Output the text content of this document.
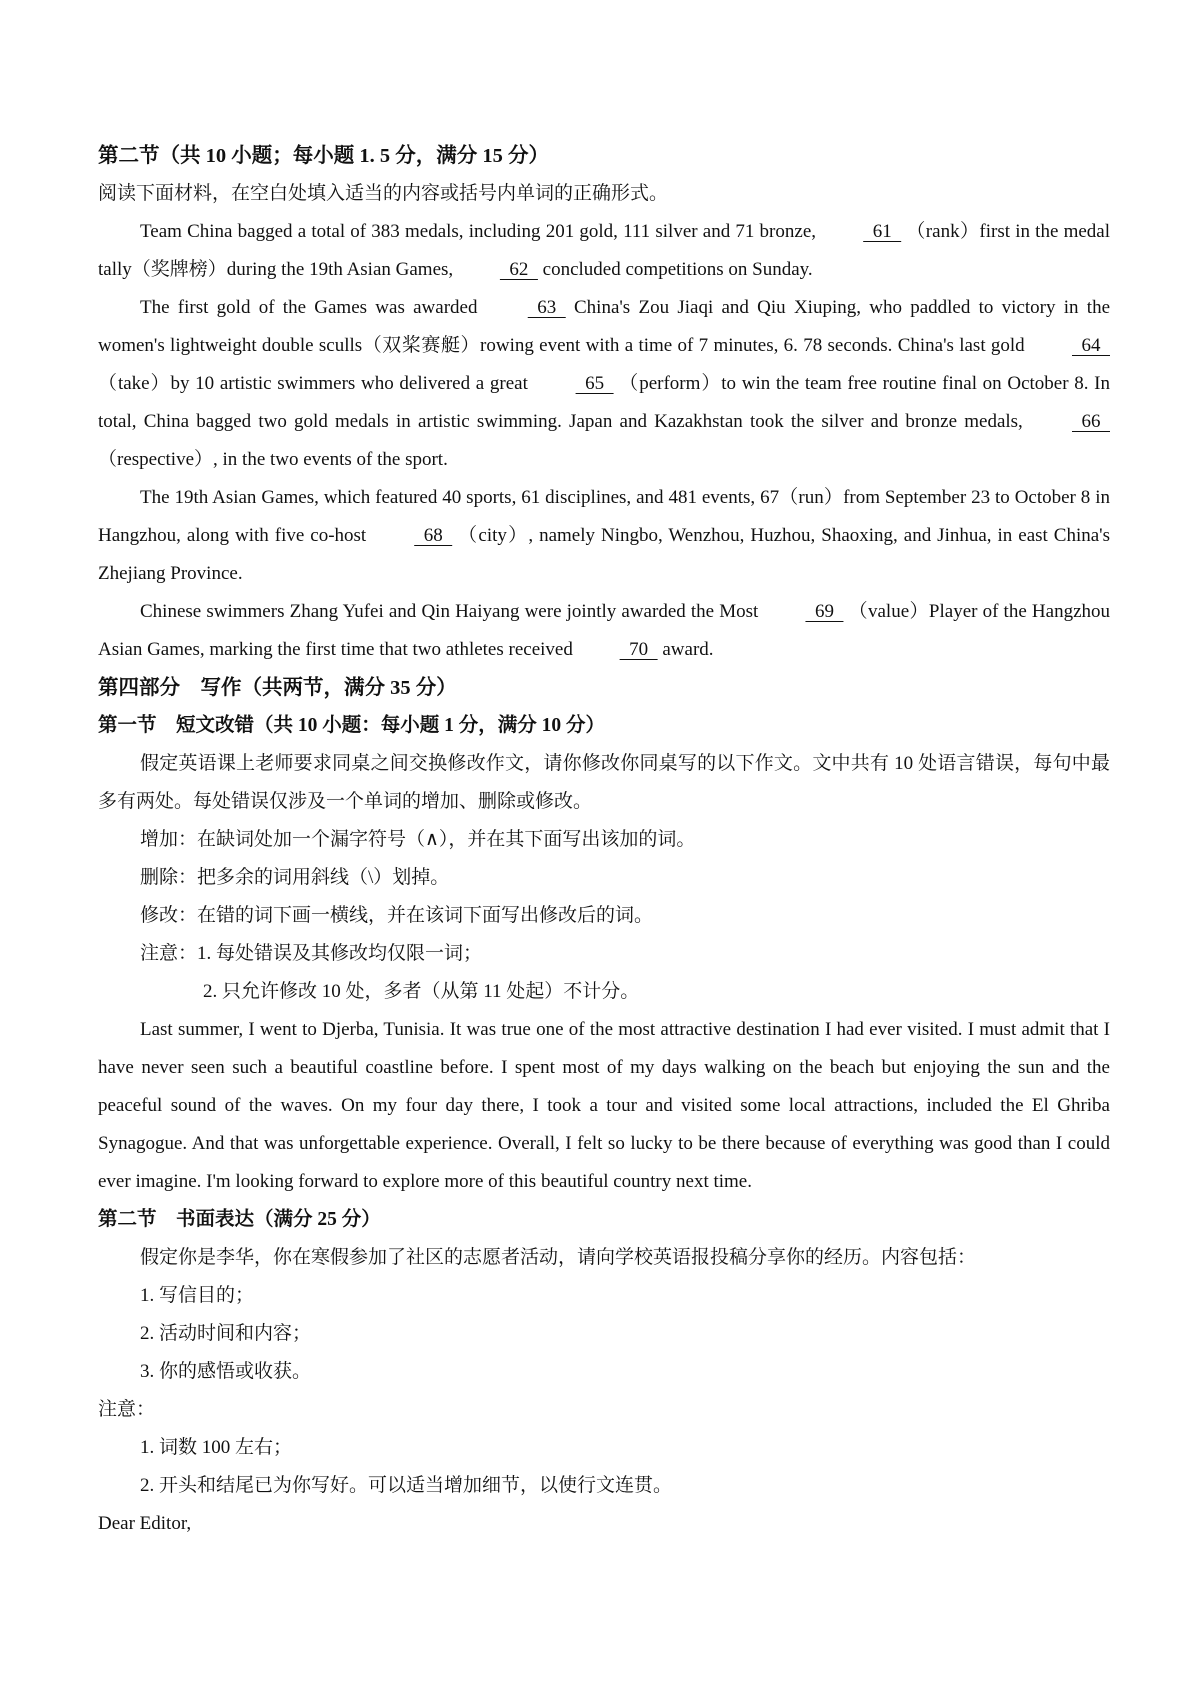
第二节（共 10 小题；每小题 1. 5 分，满分 15 分）

阅读下面材料，在空白处填入适当的内容或括号内单词的正确形式。

Team China bagged a total of 383 medals, including 201 gold, 111 silver and 71 bronze,   61   （rank）first in the medal tally（奖牌榜）during the 19th Asian Games,   62   concluded competitions on Sunday.

The first gold of the Games was awarded   63   China's Zou Jiaqi and Qiu Xiuping, who paddled to victory in the women's lightweight double sculls（双桨赛艇）rowing event with a time of 7 minutes, 6. 78 seconds. China's last gold   64   （take）by 10 artistic swimmers who delivered a great   65   （perform）to win the team free routine final on October 8. In total, China bagged two gold medals in artistic swimming. Japan and Kazakhstan took the silver and bronze medals,   66   （respective）, in the two events of the sport.

The 19th Asian Games, which featured 40 sports, 61 disciplines, and 481 events, 67（run）from September 23 to October 8 in Hangzhou, along with five co-host   68   （city）, namely Ningbo, Wenzhou, Huzhou, Shaoxing, and Jinhua, in east China's Zhejiang Province.

Chinese swimmers Zhang Yufei and Qin Haiyang were jointly awarded the Most   69   （value）Player of the Hangzhou Asian Games, marking the first time that two athletes received   70   award.

第四部分　写作（共两节，满分 35 分）

第一节　短文改错（共 10 小题：每小题 1 分，满分 10 分）

假定英语课上老师要求同桌之间交换修改作文，请你修改你同桌写的以下作文。文中共有 10 处语言错误，每句中最多有两处。每处错误仅涉及一个单词的增加、删除或修改。

增加：在缺词处加一个漏字符号（∧），并在其下面写出该加的词。

删除：把多余的词用斜线（\）划掉。

修改：在错的词下画一横线，并在该词下面写出修改后的词。

注意：1. 每处错误及其修改均仅限一词；

2. 只允许修改 10 处，多者（从第 11 处起）不计分。

Last summer, I went to Djerba, Tunisia. It was true one of the most attractive destination I had ever visited. I must admit that I have never seen such a beautiful coastline before. I spent most of my days walking on the beach but enjoying the sun and the peaceful sound of the waves. On my four day there, I took a tour and visited some local attractions, included the El Ghriba Synagogue. And that was unforgettable experience. Overall, I felt so lucky to be there because of everything was good than I could ever imagine. I'm looking forward to explore more of this beautiful country next time.

第二节　书面表达（满分 25 分）

假定你是李华，你在寒假参加了社区的志愿者活动，请向学校英语报投稿分享你的经历。内容包括：

1. 写信目的；

2. 活动时间和内容；

3. 你的感悟或收获。

注意：

1. 词数 100 左右；

2. 开头和结尾已为你写好。可以适当增加细节，以使行文连贯。

Dear Editor,
